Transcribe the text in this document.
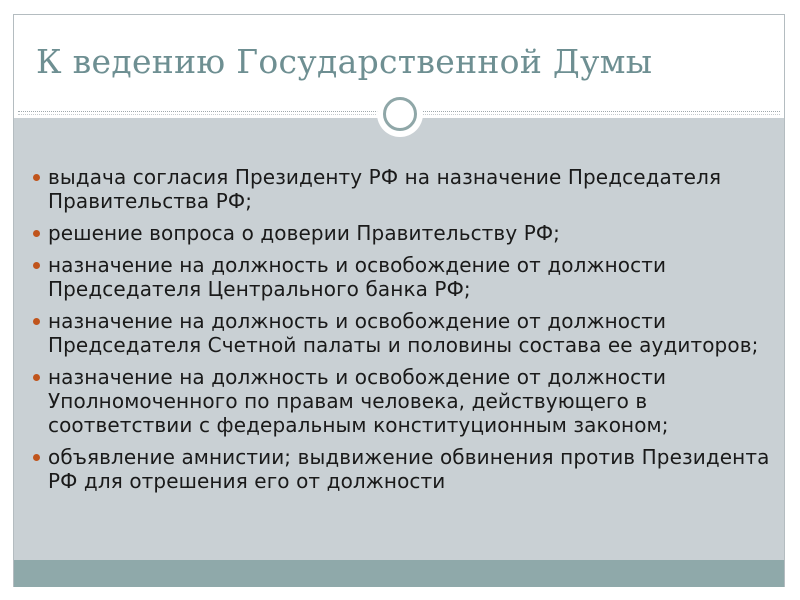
К ведению Государственной Думы
выдача согласия Президенту РФ на назначение Председателя Правительства РФ;
решение вопроса о доверии Правительству РФ;
назначение на должность и освобождение от должности Председателя Центрального банка РФ;
назначение на должность и освобождение от должности Председателя Счетной палаты и половины состава ее аудиторов;
назначение на должность и освобождение от должности Уполномоченного по правам человека, действующего в соответствии с федеральным конституционным законом;
объявление амнистии; выдвижение обвинения против Президента РФ для отрешения его от должности
